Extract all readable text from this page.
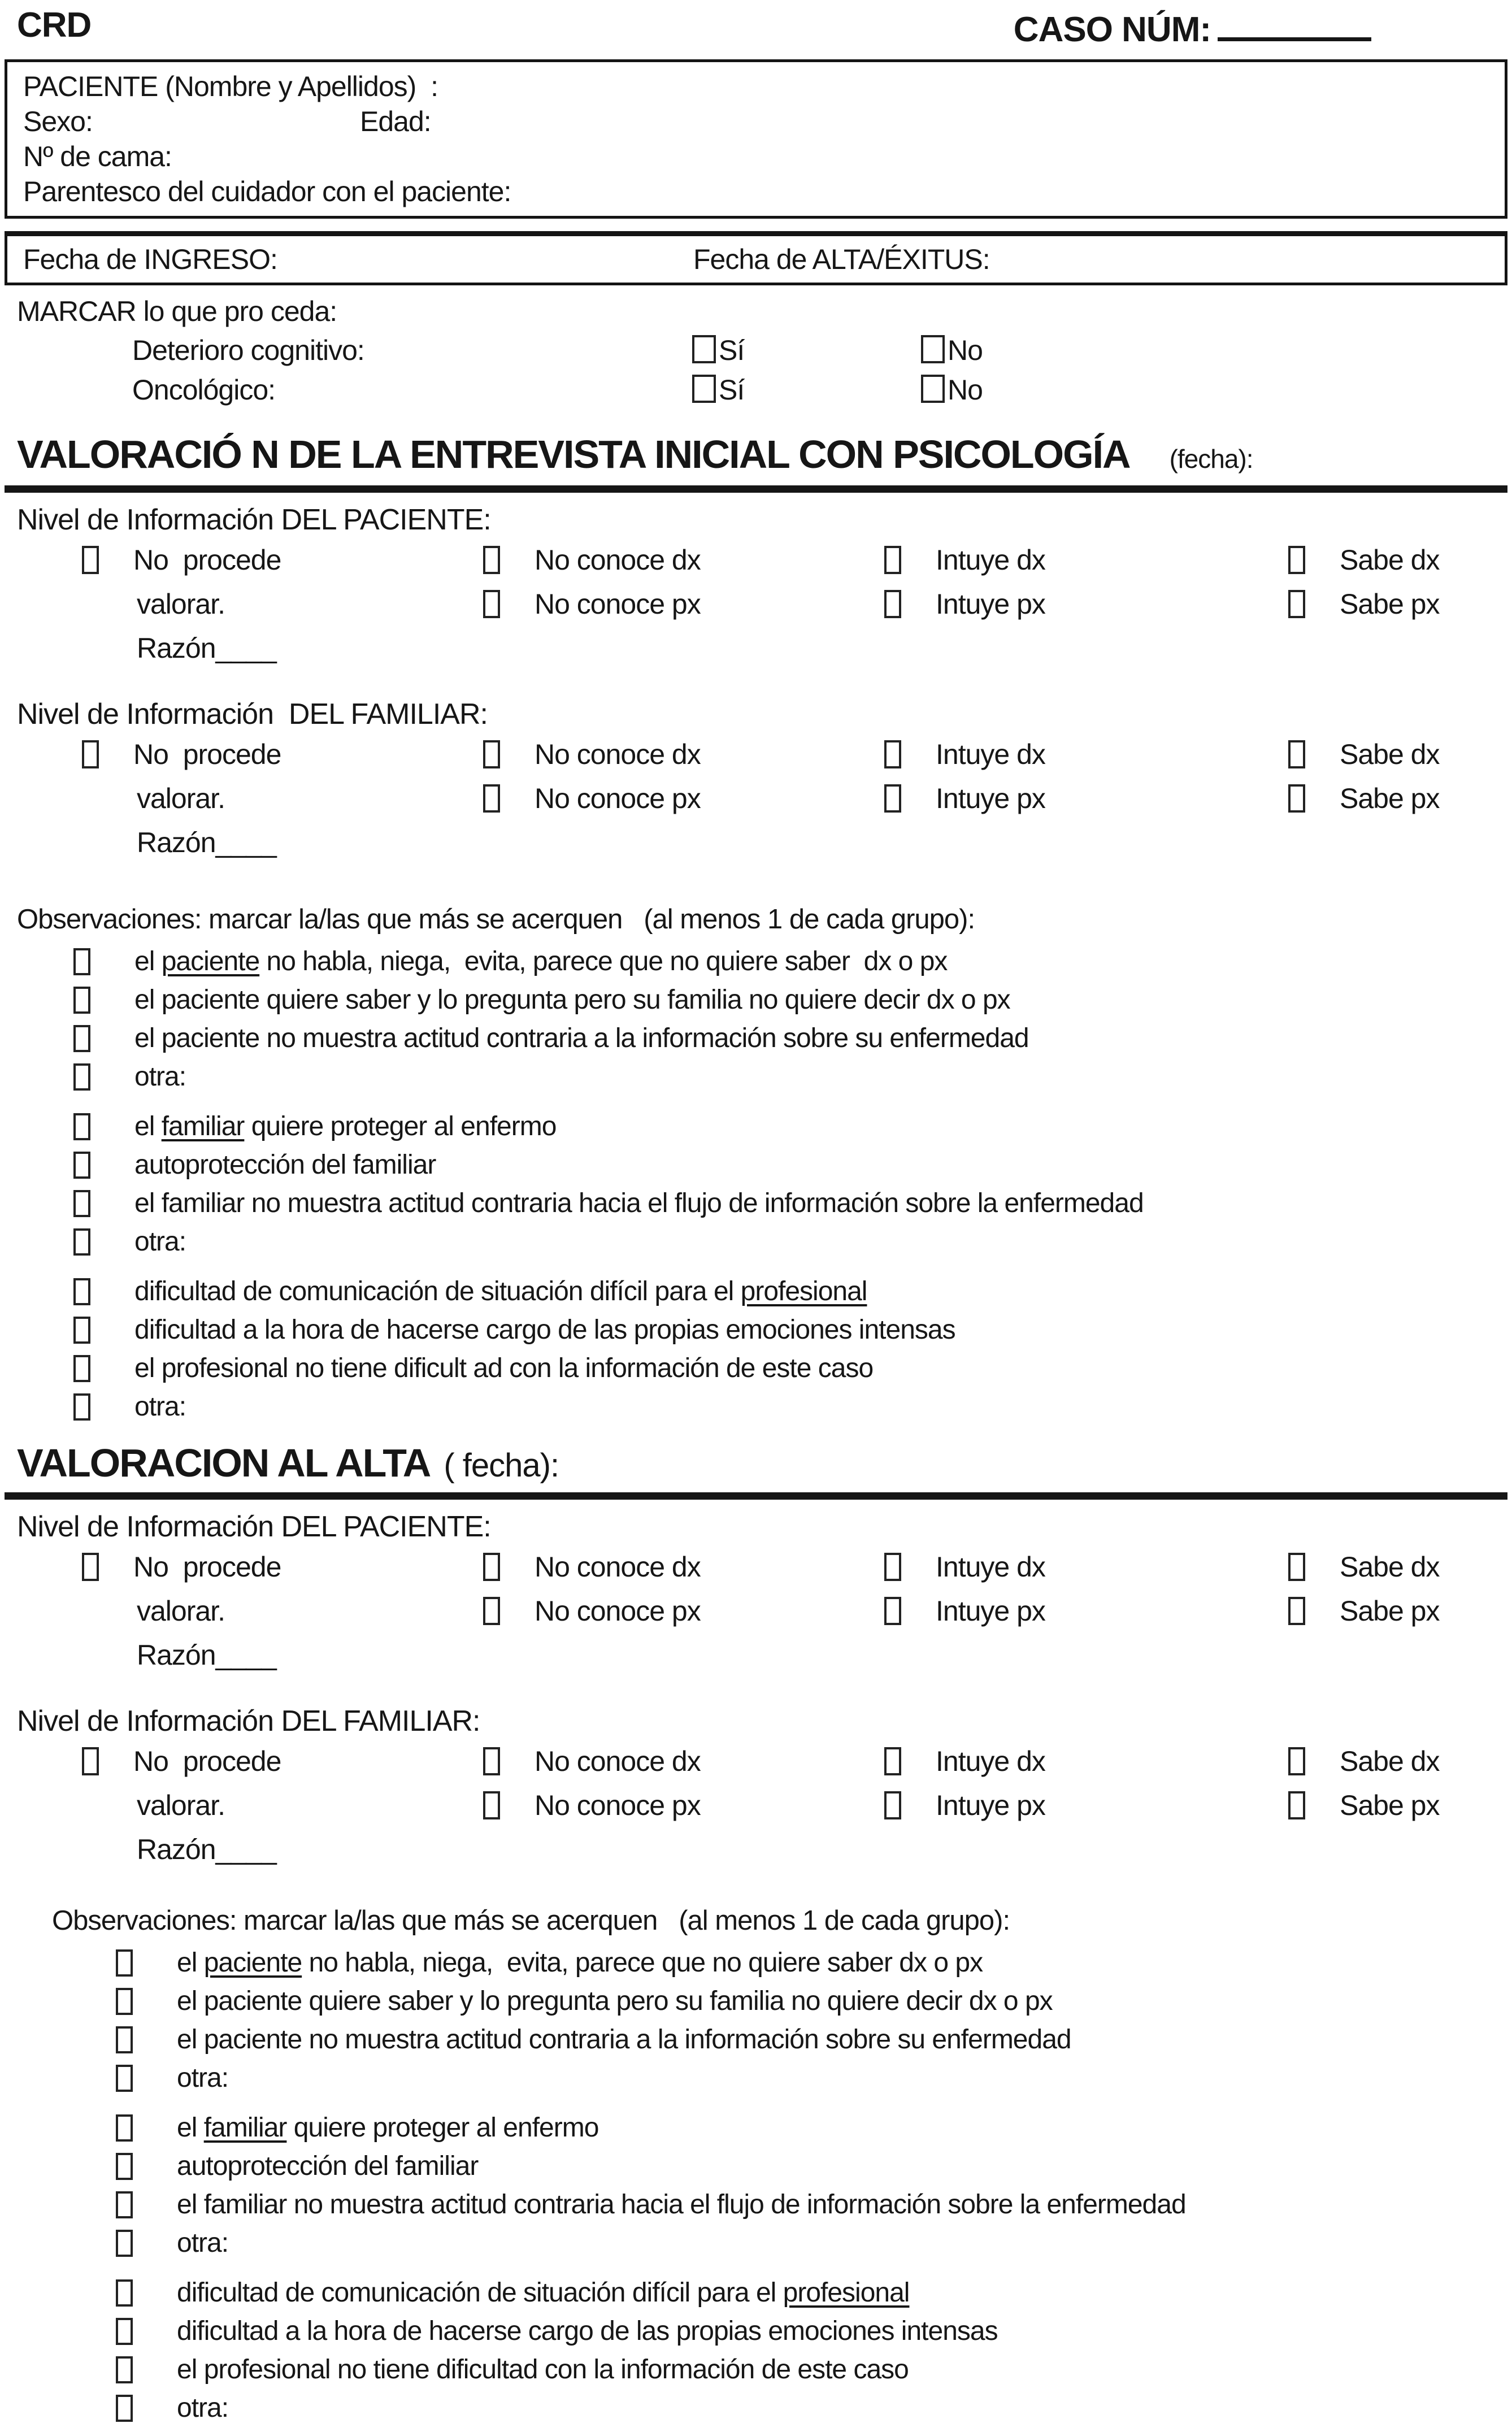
CRD	CASO NÚM:
PACIENTE (Nombre y Apellidos)  :
Sexo:	Edad:
Nº de cama:
Parentesco del cuidador con el paciente:
Fecha de INGRESO:	Fecha de ALTA/ÉXITUS:
MARCAR lo que pro ceda:
Deterioro cognitivo:	Sí	No
Oncológico:	Sí	No
VALORACIÓ N DE LA ENTREVISTA INICIAL CON PSICOLOGÍA (fecha):
Nivel de Información DEL PACIENTE:
No  procede	No conoce dx	Intuye dx	Sabe dx
valorar.	No conoce px	Intuye px	Sabe px
Razón____
Nivel de Información  DEL FAMILIAR:
No  procede	No conoce dx	Intuye dx	Sabe dx
valorar.	No conoce px	Intuye px	Sabe px
Razón____
Observaciones: marcar la/las que más se acerquen   (al menos 1 de cada grupo):
el paciente no habla, niega,  evita, parece que no quiere saber  dx o px
el paciente quiere saber y lo pregunta pero su familia no quiere decir dx o px
el paciente no muestra actitud contraria a la información sobre su enfermedad
otra:
el familiar quiere proteger al enfermo
autoprotección del familiar
el familiar no muestra actitud contraria hacia el flujo de información sobre la enfermedad
otra:
dificultad de comunicación de situación difícil para el profesional
dificultad a la hora de hacerse cargo de las propias emociones intensas
el profesional no tiene dificult ad con la información de este caso
otra:
VALORACION AL ALTA ( fecha):
Nivel de Información DEL PACIENTE:
No  procede	No conoce dx	Intuye dx	Sabe dx
valorar.	No conoce px	Intuye px	Sabe px
Razón____
Nivel de Información DEL FAMILIAR:
No  procede	No conoce dx	Intuye dx	Sabe dx
valorar.	No conoce px	Intuye px	Sabe px
Razón____
Observaciones: marcar la/las que más se acerquen   (al menos 1 de cada grupo):
el paciente no habla, niega,  evita, parece que no quiere saber dx o px
el paciente quiere saber y lo pregunta pero su familia no quiere decir dx o px
el paciente no muestra actitud contraria a la información sobre su enfermedad
otra:
el familiar quiere proteger al enfermo
autoprotección del familiar
el familiar no muestra actitud contraria hacia el flujo de información sobre la enfermedad
otra:
dificultad de comunicación de situación difícil para el profesional
dificultad a la hora de hacerse cargo de las propias emociones intensas
el profesional no tiene dificultad con la información de este caso
otra:
